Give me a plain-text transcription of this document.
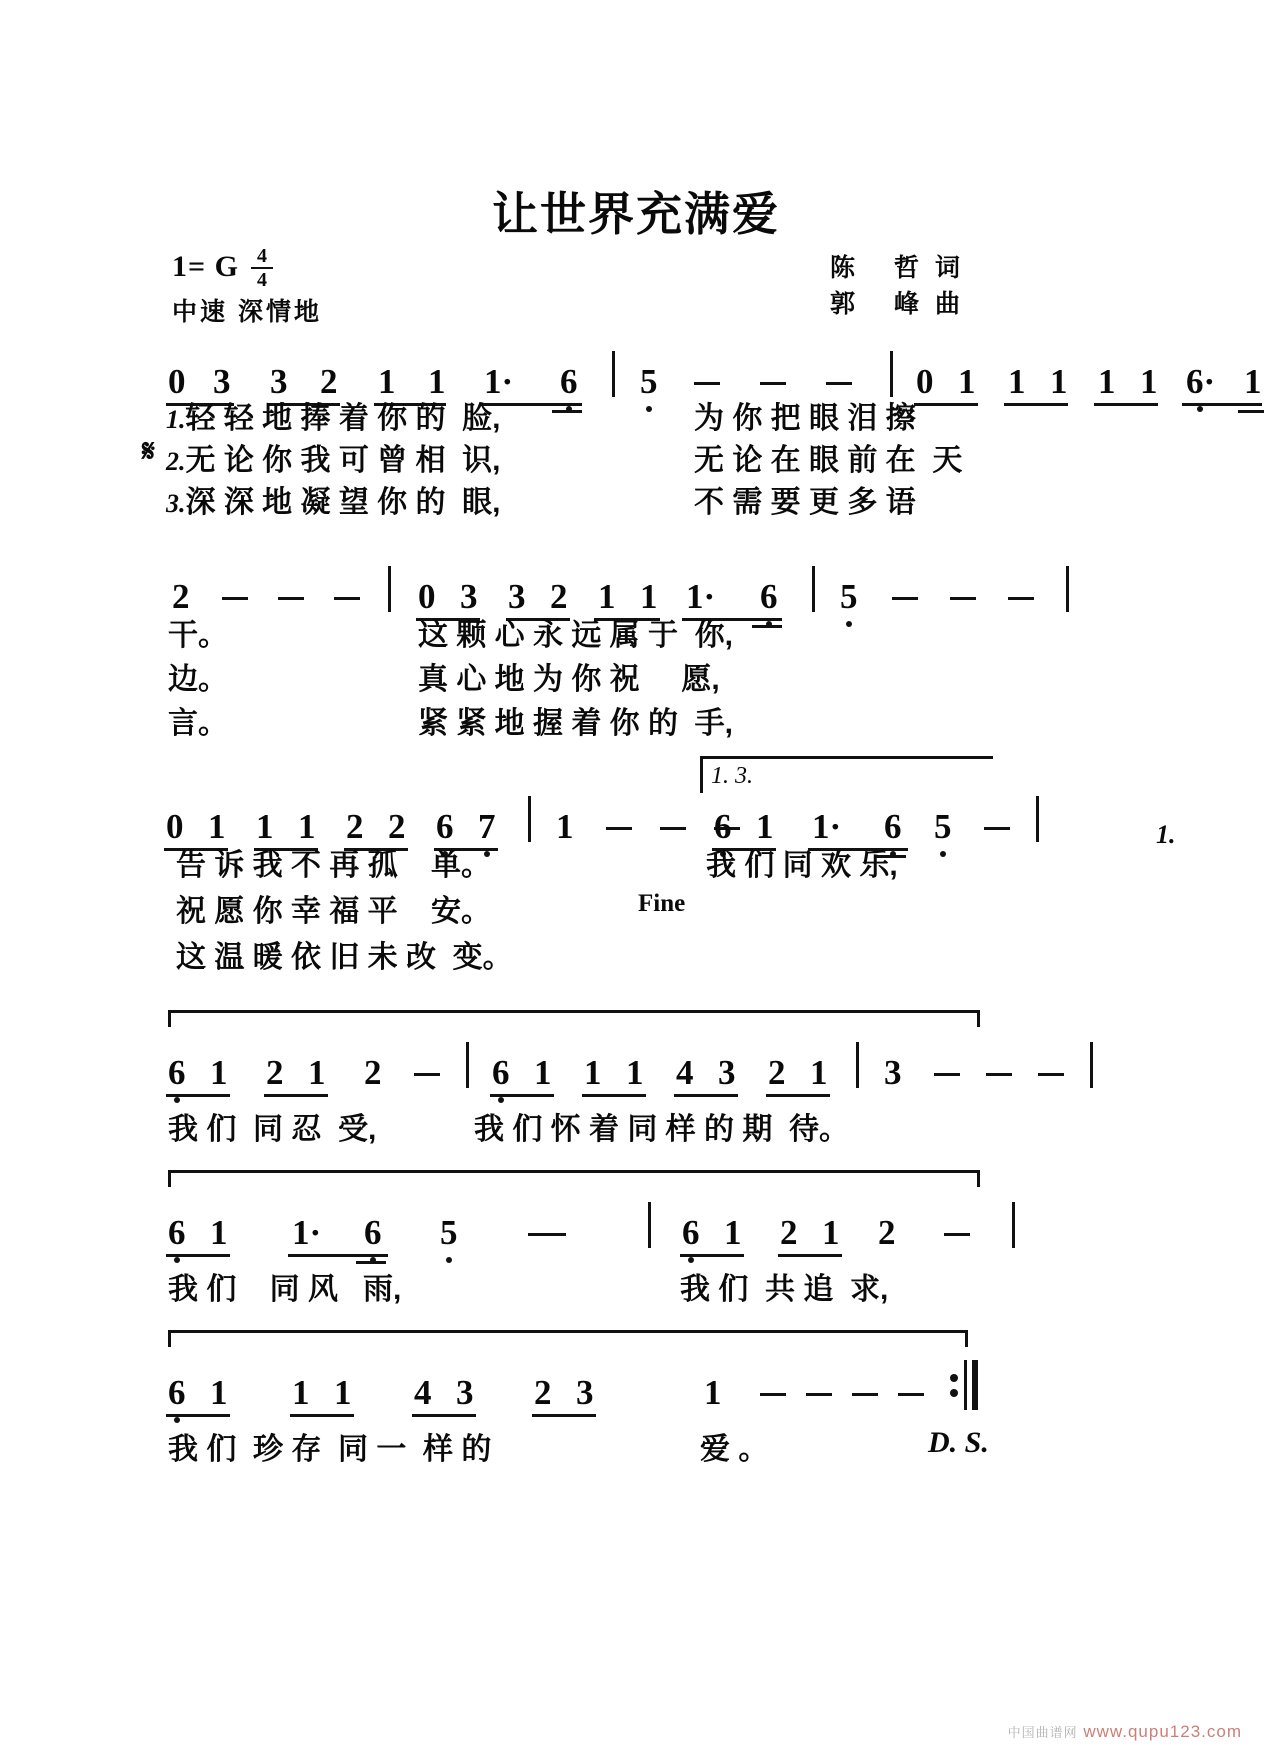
让世界充满爱
1= G 4
4
中速 深情地
陈 哲词
郭 峰曲
0 3 3 2 1 1 1· 6 5	0 1 1 1 1 1 6· 1
𝄋
1.轻 轻 地 捧 着 你 的  脸,	为 你 把 眼 泪 擦
2.无 论 你 我 可 曾 相  识,	无 论 在 眼 前 在  天
3.深 深 地 凝 望 你 的  眼,	不 需 要 更 多 语
2	0 3 3 2 1 1 1· 6 5
干。	这 颗 心 永 远 属 于  你,
边。	真 心 地 为 你 祝     愿,
言。	紧 紧 地 握 着 你 的  手,
1. 3.
0 1 1 1 2 2 6 7 1	6 1 1· 6 5	1.
告 诉 我 不 再 孤    单。	我 们 同 欢 乐,
祝 愿 你 幸 福 平    安。
这 温 暖 依 旧 未 改  变。
Fine
6 1 2 1 2	6 1 1 1 4 3 2 1 3
我 们  同 忍  受,	我 们 怀 着 同 样 的 期  待。
6 1 1· 6 5	6 1 2 1 2
我 们    同 风   雨,	我 们  共 追  求,
6 1 1 1 4 3 2 3	1
我 们  珍 存  同 一  样 的	爱 。	D. S.
中国曲谱网 www.qupu123.com
